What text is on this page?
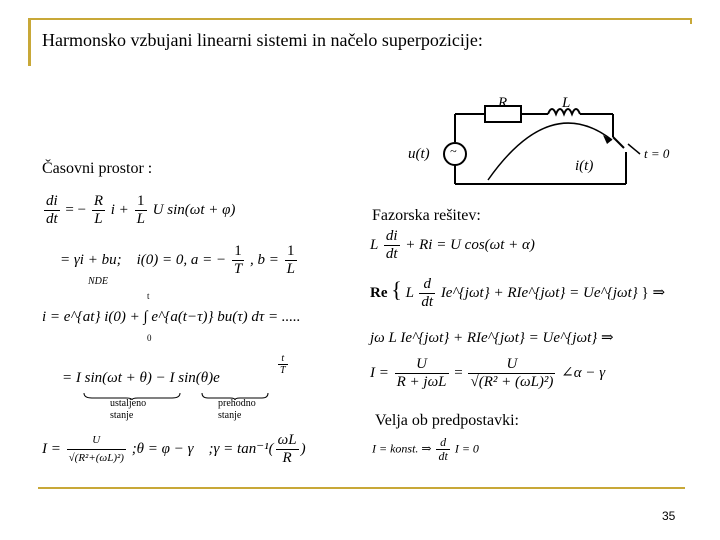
Harmonsko vzbujani linearni sistemi in načelo superpozicije:
R	L
~
u(t)
i(t)
t = 0
Časovni prostor :
Fazorska rešitev:
Velja ob predpostavki:
$\frac{di}{dt}$ = − $\frac{R}{L}$ $i + \frac{1}{L}$ U sin(ωt + φ)
= γi + bu; i(0) = 0, a = − $\frac{1}{T}$ , $b = \frac{1}{L}$
NDE
i = e^{at} i(0) + ∫ e^{a(t−τ)} bu(τ) dτ = .....
t
0
= I sin(ωt + θ) − I sin(θ)e
$\frac{t}{T}$
ustaljeno
stanje
prehodno
stanje
$I = \frac{U}{\text{√(R²+(ωL)²)}}$ ;θ = φ − γ ;γ = $\tan^{-1}( \frac{\omega L}{R}$ )
L $\frac{di}{dt} + Ri = U$ cos(ωt + α)
Re { L $\frac{d}{dt}$ Ie^{jωt} + RIe^{jωt} = Ue^{jωt} } ⇒
jω L Ie^{jωt} + RIe^{jωt} = Ue^{jωt} ⇒
$I = \frac{U}{\text{R + jωL}} = \frac{U}{\text{√(R² + (ωL)²)}}$ ∠α − γ
I = konst. ⇒ $\frac{d}{dt}$ I = 0
35
